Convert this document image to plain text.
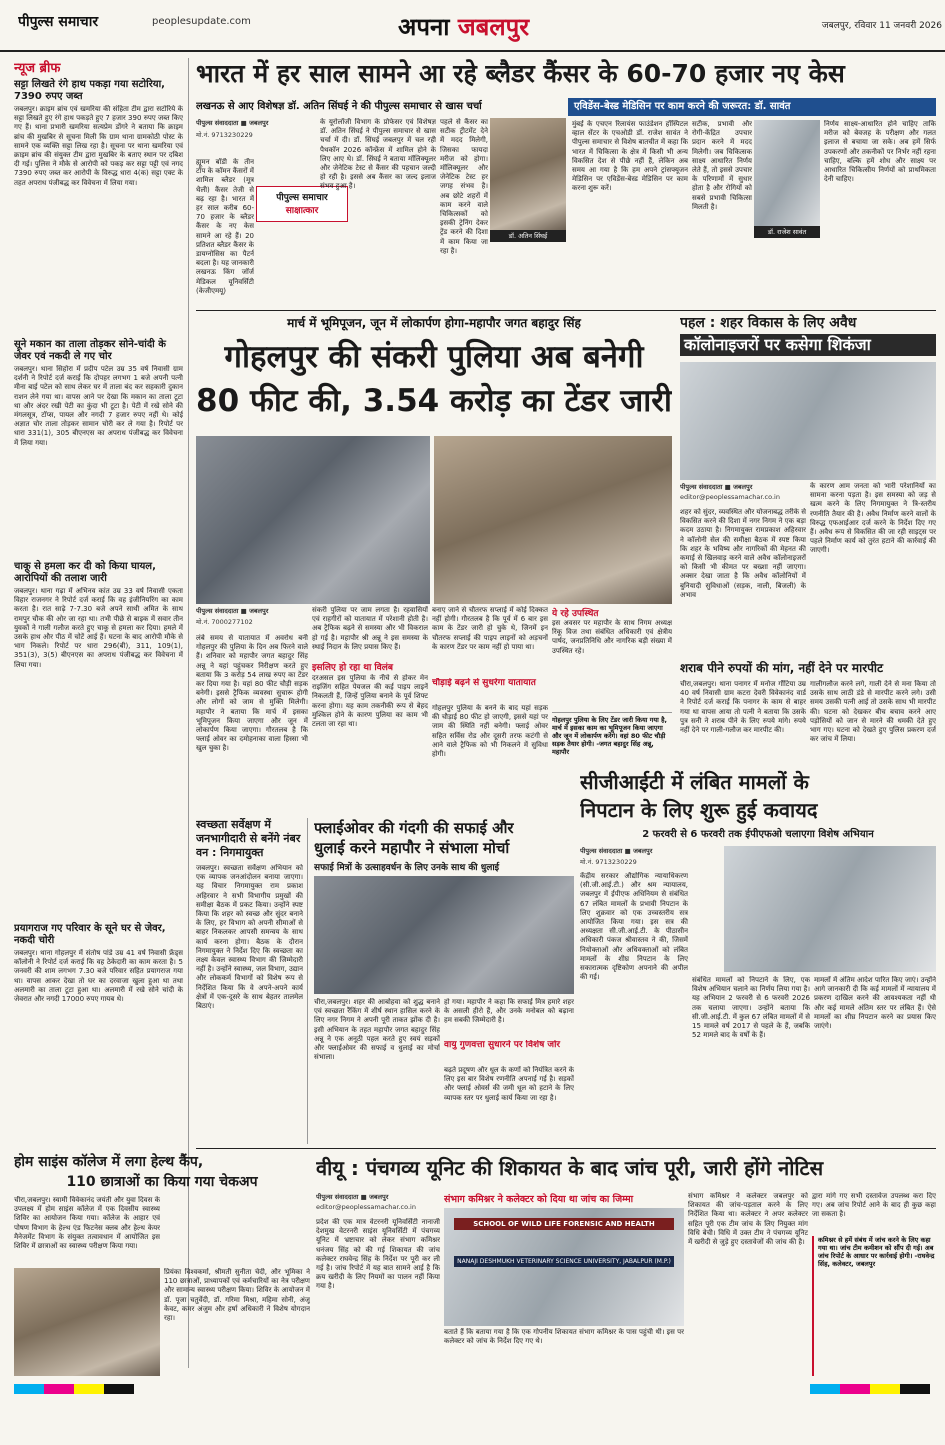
पीपुल्स समाचार	peoplesupdate.com	अपना जबलपुर	जबलपुर, रविवार 11 जनवरी 2026
न्यूज ब्रीफ
सट्टा लिखते रंगे हाथ पकड़ा गया सटोरिया, 7390 रुपए जब्त
जबलपुर। क्राइम ब्रांच एवं खमरिया की संहिता टीम द्वारा सटोरिये के सट्टा लिखते हुए रंगे हाथ पकड़ते हुए 7 हजार 390 रुपए जब्त किए गए हैं। थाना प्रभारी खमरिया सत्यप्रेम डोंगरे ने बताया कि क्राइम ब्रांच की मुखबिर से सूचना मिली कि ग्राम थाना ग्रामकोठी पोस्ट के सामने एक व्यक्ति सट्टा लिख रहा है। सूचना पर थाना खमरिया एवं क्राइम ब्रांच की संयुक्त टीम द्वारा मुखबिर के बताए स्थान पर दबिश दी गई। पुलिस ने मौके से आरोपी को पकड़ कर सट्टा पट्टी एवं नगद 7390 रुपए जब्त कर आरोपी के विरुद्ध धारा 4(क) सट्टा एक्ट के तहत अपराध पंजीबद्ध कर विवेचना में लिया गया।
सूने मकान का ताला तोड़कर सोने-चांदी के जेवर एवं नकदी ले गए चोर
जबलपुर। थाना सिहोरा में प्रदीप पटेल उम्र 35 वर्ष निवासी ग्राम दर्शनी ने रिपोर्ट दर्ज कराई कि दोपहर लगभग 1 बजे अपनी पत्नी मीना बाई पटेल को साथ लेकर घर में ताला बंद कर सहकारी दुकान राशन लेने गया था। वापस आने पर देखा कि मकान का ताला टूटा था और अंदर रखी पेटी का कुंदा भी टूटा है। पेटी में रखे सोने की मंगलसूत्र, टॉप्स, पायल और नगदी 7 हजार रुपए नहीं थे। कोई अज्ञात चोर ताला तोड़कर सामान चोरी कर ले गया है। रिपोर्ट पर धारा 331(1), 305 बीएनएस का अपराध पंजीबद्ध कर विवेचना में लिया गया।
चाकू से हमला कर दी को किया घायल, आरोपियों की तलाश जारी
जबलपुर। थाना गढ़ा में अभिनव कांत उम्र 33 वर्ष निवासी एकता विहार राजनगर ने रिपोर्ट दर्ज कराई कि वह इंजीनियरिंग का काम करता है। रात साढ़े 7-7.30 बजे अपने साथी अमित के साथ रामपुर चौक की ओर जा रहा था। तभी पीछे से बाइक में सवार तीन युवकों ने गाली गलौज करते हुए चाकू से हमला कर दिया। हमले में उसके हाथ और पीठ में चोटें आई हैं। घटना के बाद आरोपी मौके से भाग निकले। रिपोर्ट पर धारा 296(बी), 311, 109(1), 351(3), 3(5) बीएनएस का अपराध पंजीबद्ध कर विवेचना में लिया गया।
प्रयागराज गए परिवार के सूने घर से जेवर, नकदी चोरी
जबलपुर। थाना गोहलपुर में संतोष पांडे उम्र 41 वर्ष निवासी फ्रेंड्स कॉलोनी ने रिपोर्ट दर्ज कराई कि वह ठेकेदारी का काम करता है। 5 जनवरी की शाम लगभग 7.30 बजे परिवार सहित प्रयागराज गया था। वापस आकर देखा तो घर का दरवाजा खुला हुआ था तथा अलमारी का ताला टूटा हुआ था। अलमारी में रखे सोने चांदी के जेवरात और नगदी 17000 रुपए गायब थे।
भारत में हर साल सामने आ रहे ब्लैडर कैंसर के 60-70 हजार नए केस
लखनऊ से आए विशेषज्ञ डॉ. अतिन सिंघई ने की पीपुल्स समाचार से खास चर्चा	एविडेंस-बेस्ड मेडिसिन पर काम करने की जरूरत: डॉ. सावंत
पीपुल्स संवाददाता ■ जबलपुर
मो.नं. 9713230229
पीपुल्स समाचार
साक्षात्कार
ह्यूमन बॉडी के तीन टॉप के कॉमन कैंसरों में शामिल ब्लैडर (मूत्र थैली) कैंसर तेजी से बढ़ रहा है। भारत में हर साल करीब 60-70 हजार के ब्लैडर कैंसर के नए केस सामने आ रहे हैं। 20 प्रतिशत ब्लैडर कैंसर के डायग्नोसिस का पैटर्न बदला है। यह जानकारी लखनऊ किंग जॉर्ज मेडिकल यूनिवर्सिटी (केजीएमयू)
के यूरोलॉजी विभाग के प्रोफेसर एवं विशेषज्ञ डॉ. अतिन सिंघई ने पीपुल्स समाचार से खास चर्चा में दी। डॉ. सिंघई जबलपुर में चल रही पैथकॉन 2026 कॉन्फ्रेंस में शामिल होने के लिए आए थे। डॉ. सिंघई ने बताया मॉलिक्यूलर और जेनेटिक टेस्ट से कैंसर की पहचान जल्दी हो रही है। इससे अब कैंसर का जल्द इलाज संभव हुआ है।
पहले से कैंसर का सटीक ट्रीटमेंट देने में मदद मिलेगी, जिसका फायदा मरीज को होगा। मॉलिक्यूलर और जेनेटिक टेस्ट हर जगह संभव है। अब छोटे शहरों में काम करने वाले चिकित्सकों को इसकी ट्रेनिंग देकर ट्रेंड करने की दिशा में काम किया जा रहा है।
डॉ. अतिन सिंघई
मुंबई के एचएन रिलायंस फाउंडेशन हॉस्पिटल व्हाल सेंटर के एचओडी डॉ. राजेश सावंत ने पीपुल्स समाचार से विशेष बातचीत में कहा कि भारत में चिकित्सा के क्षेत्र में किसी भी अन्य विकसित देश से पीछे नहीं हैं, लेकिन अब समय आ गया है कि हम अपने ट्रांसफ्यूजन मेडिसिन पर एविडेंस-बेस्ड मेडिसिन पर काम करना शुरू करें।
सटीक, प्रभावी और रोगी-केंद्रित उपचार प्रदान करने में मदद मिलेगी। जब चिकित्सक साक्ष्य आधारित निर्णय लेते हैं, तो इससे उपचार के परिणामों में सुधार होता है और रोगियों को सबसे प्रभावी चिकित्सा मिलती है।
डॉ. राजेश सावंत
निर्णय साक्ष्य-आधारित होने चाहिए ताकि मरीज को बेवजह के परीक्षण और गलत इलाज से बचाया जा सके। अब हमें सिर्फ उपकरणों और तकनीकों पर निर्भर नहीं रहना चाहिए, बल्कि हमें शोध और साक्ष्य पर आधारित चिकित्सीय निर्णयों को प्राथमिकता देनी चाहिए।
मार्च में भूमिपूजन, जून में लोकार्पण होगा-महापौर जगत बहादुर सिंह
गोहलपुर की संकरी पुलिया अब बनेगी
80 फीट की, 3.54 करोड़ का टेंडर जारी
पीपुल्स संवाददाता ■ जबलपुर
मो.नं. 7000277102
लंबे समय से यातायात में अवरोध बनी गोहलपुर की पुलिया के दिन अब फिरने वाले हैं। शनिवार को महापौर जगत बहादुर सिंह अन्नू ने यहां पहुंचकर निरीक्षण करते हुए बताया कि 3 करोड़ 54 लाख रुपए का टेंडर कर दिया गया है। यहां 80 फीट चौड़ी सड़क बनेगी। इससे ट्रैफिक व्यवस्था सुचारू होगी और लोगों को जाम से मुक्ति मिलेगी। महापौर ने बताया कि मार्च में इसका भूमिपूजन किया जाएगा और जून में लोकार्पण किया जाएगा। गौरतलब है कि फ्लाई ओवर का दमोहनाका वाला हिस्सा भी खुल चुका है।
संकरी पुलिया पर जाम लगता है। रहवासियों एवं राहगीरों को यातायात में परेशानी होती है। अब ट्रैफिक बढ़ने से समस्या और भी विकराल हो गई है। महापौर श्री अन्नू ने इस समस्या के स्थाई निदान के लिए प्रयास किए हैं।
इसलिए हो रहा था विलंब
दरअसल इस पुलिया के नीचे से होकर मेन राइजिंग सहित पेयजल की कई पाइप लाइनें निकलती हैं, जिन्हें पुलिया बनाने के पूर्व शिफ्ट करना होगा। यह काम तकनीकी रूप से बेहद मुश्किल होने के कारण पुलिया का काम भी टलता जा रहा था।
बनाए जाने से चौतरफ सप्लाई में कोई दिक्कत नहीं होगी। गौरतलब है कि पूर्व में 6 बार इस काम के टेंडर जारी हो चुके थे, जिनमें इन चौतरफ सप्लाई की पाइप लाइनों को अड़चनों के कारण टेंडर पर काम नहीं हो पाया था।
चौड़ाई बढ़ने से सुधरेगा यातायात
गोहलपुर पुलिया के बनने के बाद यहां सड़क की चौड़ाई 80 फीट हो जाएगी, इससे यहां पर जाम की स्थिति नहीं बनेगी। फ्लाई ओवर सहित सर्विस रोड और दूसरी तरफ कटंगी से आने वाले ट्रैफिक को भी निकलने में सुविधा होगी।
ये रहे उपस्थित
इस अवसर पर महापौर के साथ निगम अध्यक्ष रिंकू विज तथा संबंधित अधिकारी एवं क्षेत्रीय पार्षद, जनप्रतिनिधि और नागरिक बड़ी संख्या में उपस्थित रहे।
गोहलपुर पुलिया के लिए टेंडर जारी किया गया है, मार्च में इसका काम का भूमिपूजन किया जाएगा और जून में लोकार्पण करेंगे। वहां 80 फीट चौड़ी सड़क तैयार होगी। -जगत बहादुर सिंह अन्नू, महापौर
पहल : शहर विकास के लिए अवैध
कॉलोनाइजरों पर कसेगा शिकंजा
पीपुल्स संवाददाता ■ जबलपुर
editor@peoplessamachar.co.in
शहर को सुंदर, व्यवस्थित और योजनाबद्ध तरीके से विकसित करने की दिशा में नगर निगम ने एक बड़ा कदम उठाया है। निगमायुक्त रामप्रकाश अहिरवार ने कॉलोनी सेल की समीक्षा बैठक में स्पष्ट किया कि शहर के भविष्य और नागरिकों की मेहनत की कमाई से खिलवाड़ करने वाले अवैध कॉलोनाइजरों को किसी भी कीमत पर बख्शा नहीं जाएगा। अक्सर देखा जाता है कि अवैध कॉलोनियों में बुनियादी सुविधाओं (सड़क, नाली, बिजली) के अभाव
के कारण आम जनता को भारी परेशानियों का सामना करना पड़ता है। इस समस्या को जड़ से खत्म करने के लिए निगमायुक्त ने त्रि-स्तरीय रणनीति तैयार की है। अवैध निर्माण करने वालों के विरुद्ध एफआईआर दर्ज करने के निर्देश दिए गए हैं। अवैध रूप से विकसित की जा रही साइट्स पर पहले निर्माण कार्य को तुरंत हटाने की कार्रवाई की जाएगी।
शराब पीने रुपयों की मांग, नहीं देने पर मारपीट
चीरा,जबलपुर। थाना पनागर में मनोज गौंटिया उम्र 40 वर्ष निवासी ग्राम कटरा देवरी विवेकानंद वार्ड ने रिपोर्ट दर्ज कराई कि पनागर के काम से बाहर गया था वापस आया तो पत्नी ने बताया कि उसके पुत्र सनी ने शराब पीने के लिए रुपये मांगे। रुपये नहीं देने पर गाली-गलौज कर मारपीट की।
गालीगलौज करने लगे, गाली देने से मना किया तो उसके साथ लाठी डंडे से मारपीट करने लगे। उसी समय उसकी पत्नी आई तो उसके साथ भी मारपीट की। घटना को देखकर बीच बचाव करने आए पड़ोसियों को जान से मारने की धमकी देते हुए भाग गए। घटना को देखते हुए पुलिस प्रकरण दर्ज कर जांच में लिया।
स्वच्छता सर्वेक्षण में जनभागीदारी से बनेंगे नंबर वन : निगमायुक्त
जबलपुर। स्वच्छता सर्वेक्षण अभियान को एक व्यापक जनआंदोलन बनाया जाएगा। यह विचार निगमायुक्त राम प्रकाश अहिरवार ने सभी विभागीय प्रमुखों की समीक्षा बैठक में प्रकट किया। उन्होंने स्पष्ट किया कि शहर को स्वच्छ और सुंदर बनाने के लिए, हर विभाग को अपनी सीमाओं से बाहर निकलकर आपसी समन्वय के साथ कार्य करना होगा। बैठक के दौरान निगमायुक्त ने निर्देश दिए कि स्वच्छता का लक्ष्य केवल स्वास्थ्य विभाग की जिम्मेदारी नहीं है। उन्होंने स्वास्थ्य, जल विभाग, उद्यान और लोककर्म विभागों को विशेष रूप से निर्देशित किया कि वे अपने-अपने कार्य क्षेत्रों में एक-दूसरे के साथ बेहतर तालमेल बिठाएं।
फ्लाईओवर की गंदगी की सफाई और
धुलाई करने महापौर ने संभाला मोर्चा
सफाई मित्रों के उत्साहवर्धन के लिए उनके साथ की धुलाई
चीरा,जबलपुर। शहर की आबोहवा को शुद्ध बनाने एवं स्वच्छता रैंकिंग में शीर्ष स्थान हासिल करने के लिए नगर निगम ने अपनी पूरी ताकत झोंक दी है। इसी अभियान के तहत महापौर जगत बहादुर सिंह अन्नू ने एक अनूठी पहल करते हुए स्वयं सड़कों और फ्लाईओवर की सफाई व धुलाई का मोर्चा संभाला।
हो गया। महापौर ने कहा कि सफाई मित्र हमारे शहर के असली हीरो हैं, और उनके मनोबल को बढ़ाना हम सबकी जिम्मेदारी है।
वायु गुणवत्ता सुधारने पर विशेष जोर
बढ़ते प्रदूषण और धूल के कणों को नियंत्रित करने के लिए इस बार विशेष रणनीति अपनाई गई है। सड़कों और फ्लाई ओवर्स की जमी धूल को हटाने के लिए व्यापक स्तर पर धुलाई कार्य किया जा रहा है।
सीजीआईटी में लंबित मामलों के
निपटान के लिए शुरू हुई कवायद
2 फरवरी से 6 फरवरी तक ईपीएफओ चलाएगा विशेष अभियान
पीपुल्स संवाददाता ■ जबलपुर
मो.नं. 9713230229
केंद्रीय सरकार औद्योगिक न्यायाधिकरण (सी.जी.आई.टी.) और श्रम न्यायालय, जबलपुर में ईपीएफ अधिनियम से संबंधित 67 लंबित मामलों के प्रभावी निपटान के लिए शुक्रवार को एक उच्चस्तरीय सत्र आयोजित किया गया। इस सत्र की अध्यक्षता सी.जी.आई.टी. के पीठासीन अधिकारी पंकज श्रीवास्तव ने की, जिसमें नियोक्ताओं और अधिवक्ताओं को लंबित मामलों के शीघ्र निपटान के लिए सकारात्मक दृष्टिकोण अपनाने की अपील की गई।	संबंधित मामलों को निपटाने के लिए, एक विशेष अभियान चलाने का निर्णय लिया गया है। यह अभियान 2 फरवरी से 6 फरवरी 2026 तक चलाया जाएगा। उन्होंने बताया कि सी.जी.आई.टी. में कुल 67 लंबित मामलों में से 15 मामले वर्ष 2017 से पहले के हैं, जबकि 52 मामले बाद के वर्षों के हैं।
मामलों में अंतिम आदेश पारित किए जाएं। उन्होंने आगे जानकारी दी कि कई मामलों में न्यायालय में प्रकरण दाखिल करने की आवश्यकता नहीं थी और कई मामले अंतिम स्तर पर लंबित हैं। ऐसे मामलों का शीघ्र निपटान करने का प्रयास किए जाएंगे।
होम साइंस कॉलेज में लगा हेल्थ कैंप,
110 छात्राओं का किया गया चेकअप
चीरा,जबलपुर। स्वामी विवेकानंद जयंती और युवा दिवस के उपलक्ष्य में होम साइंस कॉलेज में एक दिवसीय स्वास्थ्य शिविर का आयोजन किया गया। कॉलेज के आहार एवं पोषण विभाग के हेल्थ एंड फिटनेस क्लब और हेल्थ केयर मैनेजमेंट विभाग के संयुक्त तत्वावधान में आयोजित इस शिविर में छात्राओं का स्वास्थ्य परीक्षण किया गया।
प्रियंका विश्वकर्मा, श्रीमती सुनीता चेदी, और भूमिका ने 110 छात्राओं, प्राध्यापकों एवं कर्मचारियों का नेत्र परीक्षण और सामान्य स्वास्थ्य परीक्षण किया। शिविर के आयोजन में डॉ. पूजा चतुर्वेदी, डॉ. गरिमा मिश्रा, महिमा सोनी, अंजू केवट, कमर अंजुम और हर्षा अधिकारी ने विशेष योगदान रहा।
वीयू : पंचगव्य यूनिट की शिकायत के बाद जांच पूरी, जारी होंगे नोटिस
पीपुल्स संवाददाता ■ जबलपुर
editor@peoplessamachar.co.in
प्रदेश की एक मात्र वेटरनरी यूनिवर्सिटी नानाजी देशमुख वेटरनरी साइंस यूनिवर्सिटी में पंचगव्य यूनिट में भ्रष्टाचार को लेकर संभाग कमिश्नर धनंजय सिंह को की गई शिकायत की जांच कलेक्टर राघवेन्द्र सिंह के निर्देश पर पूरी कर ली गई है। जांच रिपोर्ट में यह बात सामने आई है कि क्रय खरीदी के लिए नियमों का पालन नहीं किया गया है।
संभाग कमिश्नर ने कलेक्टर को दिया था जांच का जिम्मा
SCHOOL OF WILD LIFE FORENSIC AND HEALTH
NANAJI DESHMUKH VETERINARY SCIENCE UNIVERSITY, JABALPUR (M.P.)
बताते हैं कि बताया गया है कि एक गोपनीय शिकायत संभाग कमिश्नर के पास पहुंची थी। इस पर कलेक्टर को जांच के निर्देश दिए गए थे।
संभाग कमिश्नर ने कलेक्टर जबलपुर को शिकायत की जांच-पड़ताल करने के लिए निर्देशित किया था। कलेक्टर ने अपर कलेक्टर सहित पूरी एक टीम जांच के लिए नियुक्त मांग विधि बेची। विधि में उक्त टीम ने पंचगव्य यूनिट में खरीदी से जुड़े हुए दस्तावेजों की जांच की है।
द्वारा मांगे गए सभी दस्तावेज उपलब्ध करा दिए गए। अब जांच रिपोर्ट आने के बाद ही कुछ कहा जा सकता है।
कमिश्नर से हमें संबंध में जांच करने के लिए कहा गया था। जांच टीम कमीशन को सौंप दी गई। अब जांच रिपोर्ट के आधार पर कार्रवाई होगी। -राघवेन्द्र सिंह, कलेक्टर, जबलपुर
